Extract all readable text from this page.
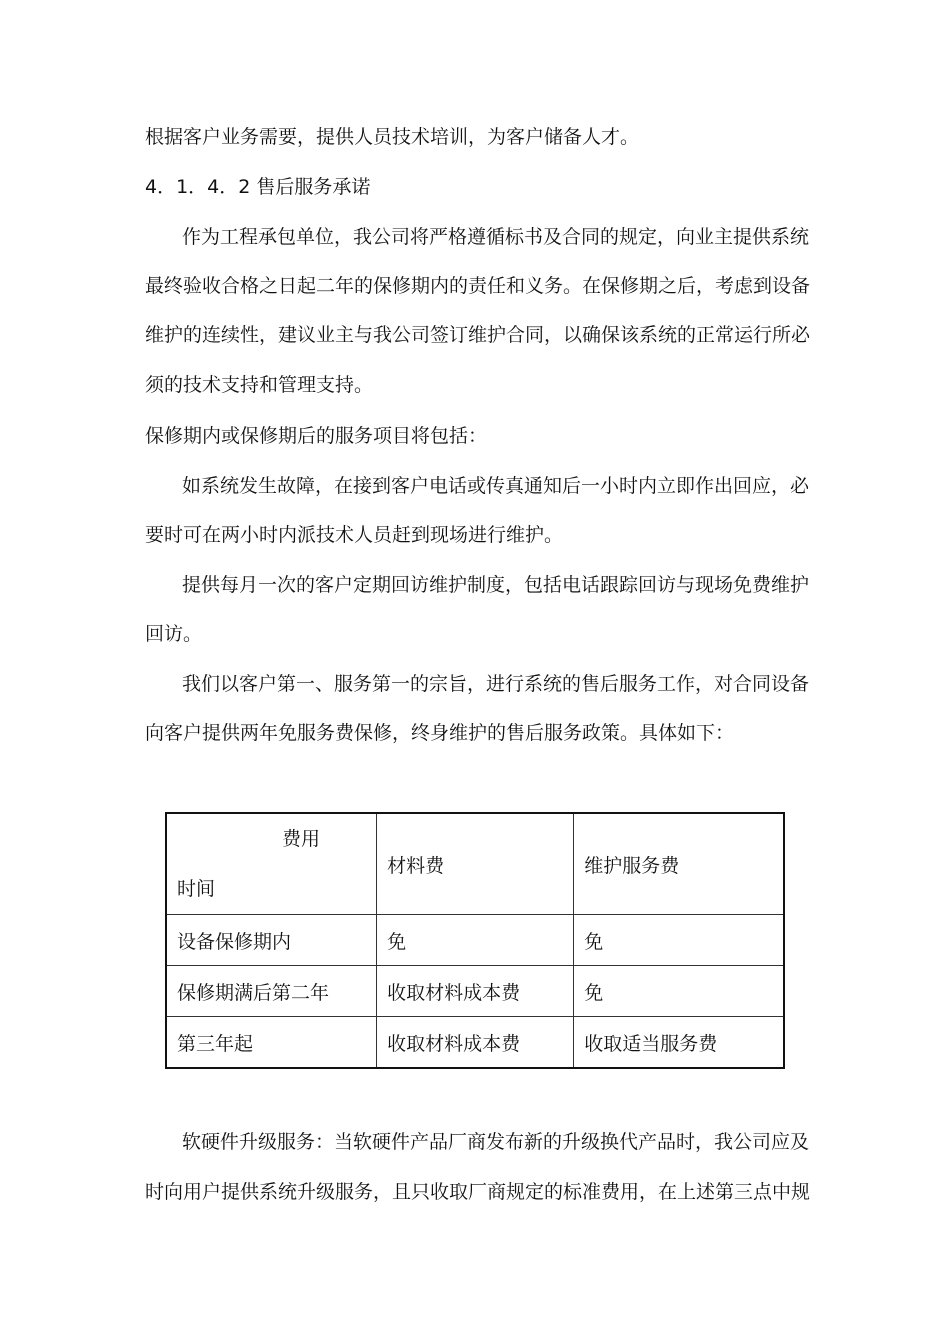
根据客户业务需要，提供人员技术培训，为客户储备人才。
4．1．4．2 售后服务承诺
作为工程承包单位，我公司将严格遵循标书及合同的规定，向业主提供系统
最终验收合格之日起二年的保修期内的责任和义务。在保修期之后，考虑到设备
维护的连续性，建议业主与我公司签订维护合同，以确保该系统的正常运行所必
须的技术支持和管理支持。
保修期内或保修期后的服务项目将包括：
如系统发生故障，在接到客户电话或传真通知后一小时内立即作出回应，必
要时可在两小时内派技术人员赶到现场进行维护。
提供每月一次的客户定期回访维护制度，包括电话跟踪回访与现场免费维护
回访。
我们以客户第一、服务第一的宗旨，进行系统的售后服务工作，对合同设备
向客户提供两年免服务费保修，终身维护的售后服务政策。具体如下：
费用
时间	材料费	维护服务费
设备保修期内	免	免
保修期满后第二年	收取材料成本费	免
第三年起	收取材料成本费	收取适当服务费
软硬件升级服务：当软硬件产品厂商发布新的升级换代产品时，我公司应及
时向用户提供系统升级服务，且只收取厂商规定的标准费用，在上述第三点中规
